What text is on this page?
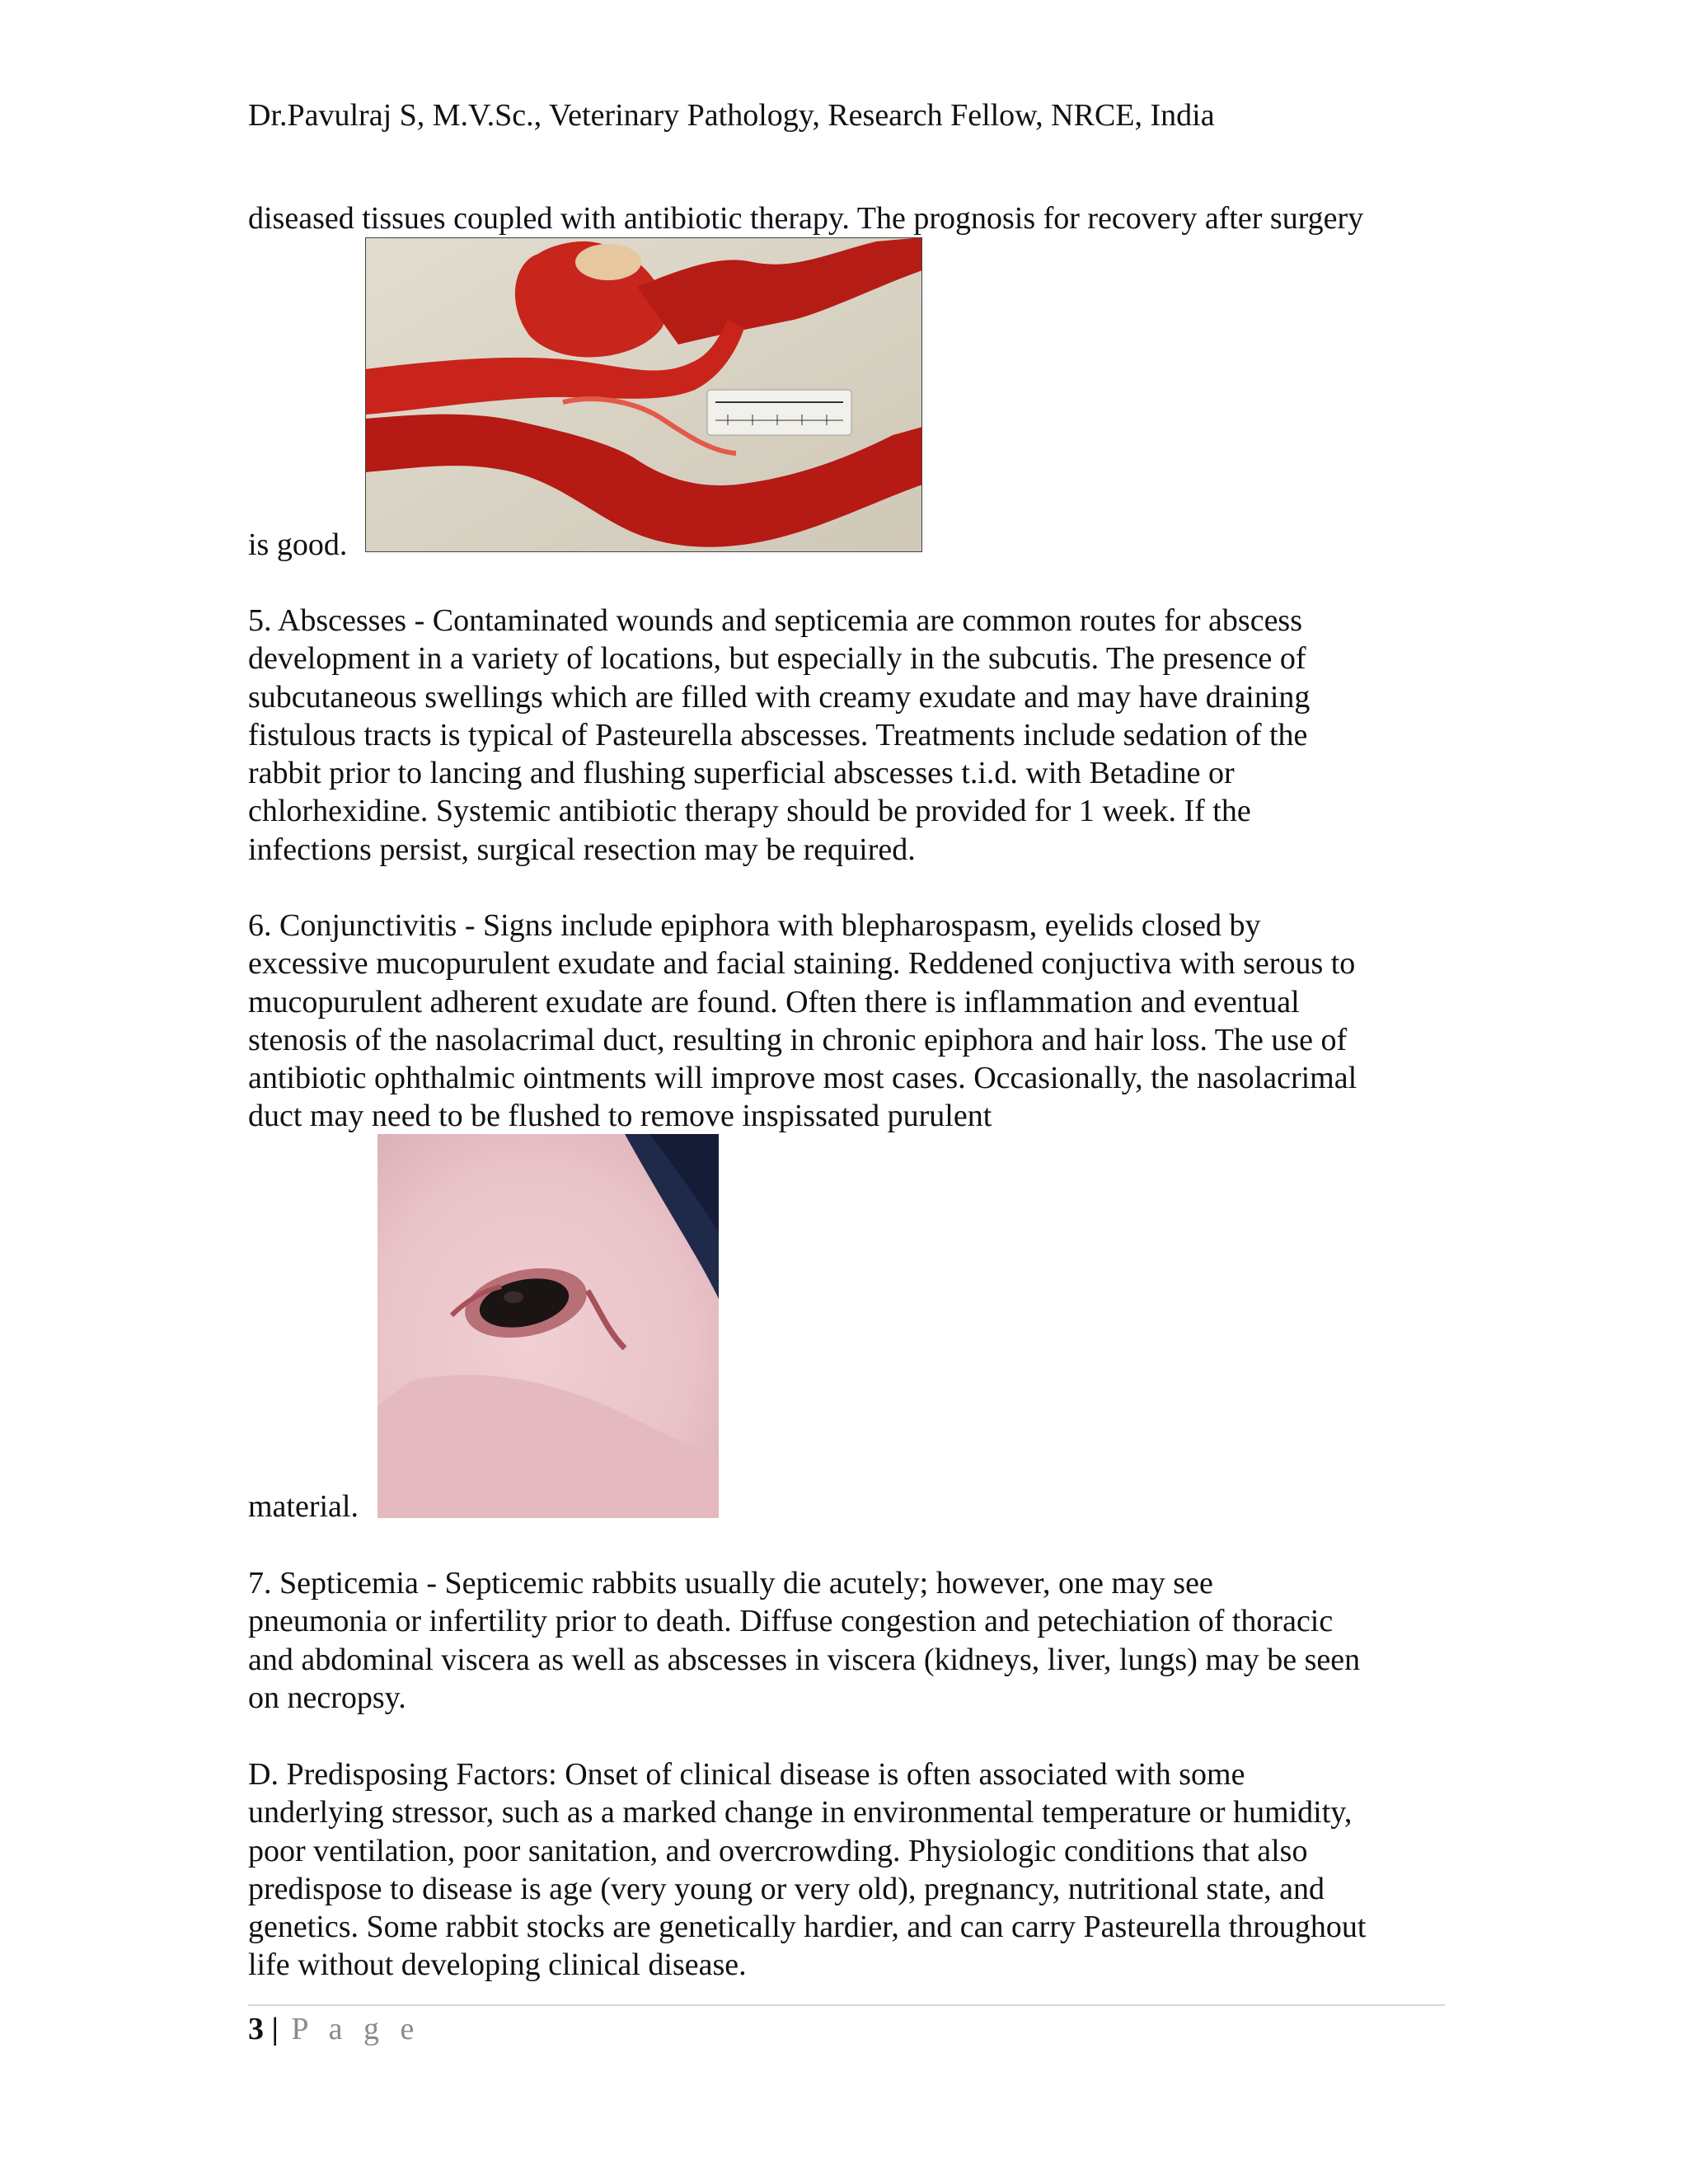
Dr.Pavulraj S, M.V.Sc., Veterinary Pathology, Research Fellow, NRCE, India
diseased tissues coupled with antibiotic therapy. The prognosis for recovery after surgery
is good.
5. Abscesses - Contaminated wounds and septicemia are common routes for abscess
development in a variety of locations, but especially in the subcutis. The presence of
subcutaneous swellings which are filled with creamy exudate and may have draining
fistulous tracts is typical of Pasteurella abscesses. Treatments include sedation of the
rabbit prior to lancing and flushing superficial abscesses t.i.d. with Betadine or
chlorhexidine. Systemic antibiotic therapy should be provided for 1 week. If the
infections persist, surgical resection may be required.
6. Conjunctivitis - Signs include epiphora with blepharospasm, eyelids closed by
excessive mucopurulent exudate and facial staining. Reddened conjuctiva with serous to
mucopurulent adherent exudate are found. Often there is inflammation and eventual
stenosis of the nasolacrimal duct, resulting in chronic epiphora and hair loss. The use of
antibiotic ophthalmic ointments will improve most cases. Occasionally, the nasolacrimal
duct may need to be flushed to remove inspissated purulent
material.
7. Septicemia - Septicemic rabbits usually die acutely; however, one may see
pneumonia or infertility prior to death. Diffuse congestion and petechiation of thoracic
and abdominal viscera as well as abscesses in viscera (kidneys, liver, lungs) may be seen
on necropsy.
D. Predisposing Factors: Onset of clinical disease is often associated with some
underlying stressor, such as a marked change in environmental temperature or humidity,
poor ventilation, poor sanitation, and overcrowding. Physiologic conditions that also
predispose to disease is age (very young or very old), pregnancy, nutritional state, and
genetics. Some rabbit stocks are genetically hardier, and can carry Pasteurella throughout
life without developing clinical disease.
3 | P a g e
